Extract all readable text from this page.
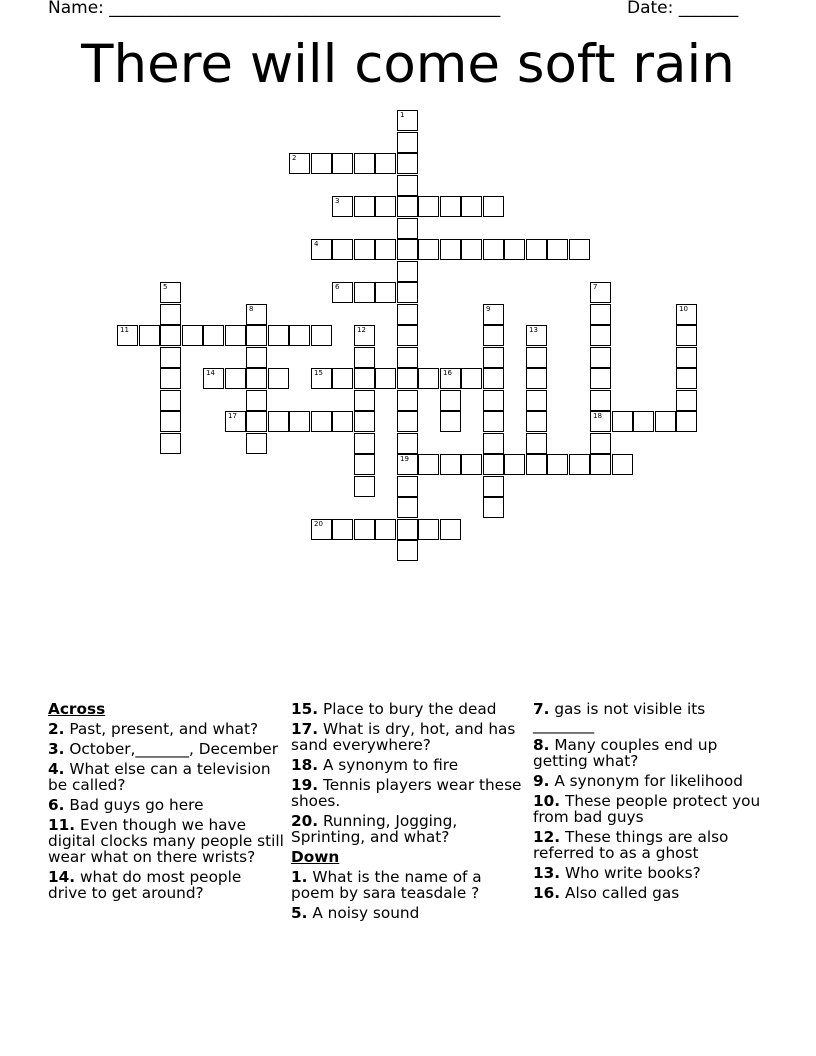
Name: ______________________________________________	Date: _______
There will come soft rain
1
19
2
3
4
5	6	7
18
8	9	10
11	12	13
14	15	16
17
20
Across
2. Past, present, and what?
3. October,_______, December
4. What else can a television be called?
6. Bad guys go here
11. Even though we have digital clocks many people still wear what on there wrists?
14. what do most people drive to get around?
15. Place to bury the dead
17. What is dry, hot, and has sand everywhere?
18. A synonym to fire
19. Tennis players wear these shoes.
20. Running, Jogging, Sprinting, and what?
Down
1. What is the name of a poem by sara teasdale ?
5. A noisy sound
7. gas is not visible its ________
8. Many couples end up getting what?
9. A synonym for likelihood
10. These people protect you from bad guys
12. These things are also referred to as a ghost
13. Who write books?
16. Also called gas
